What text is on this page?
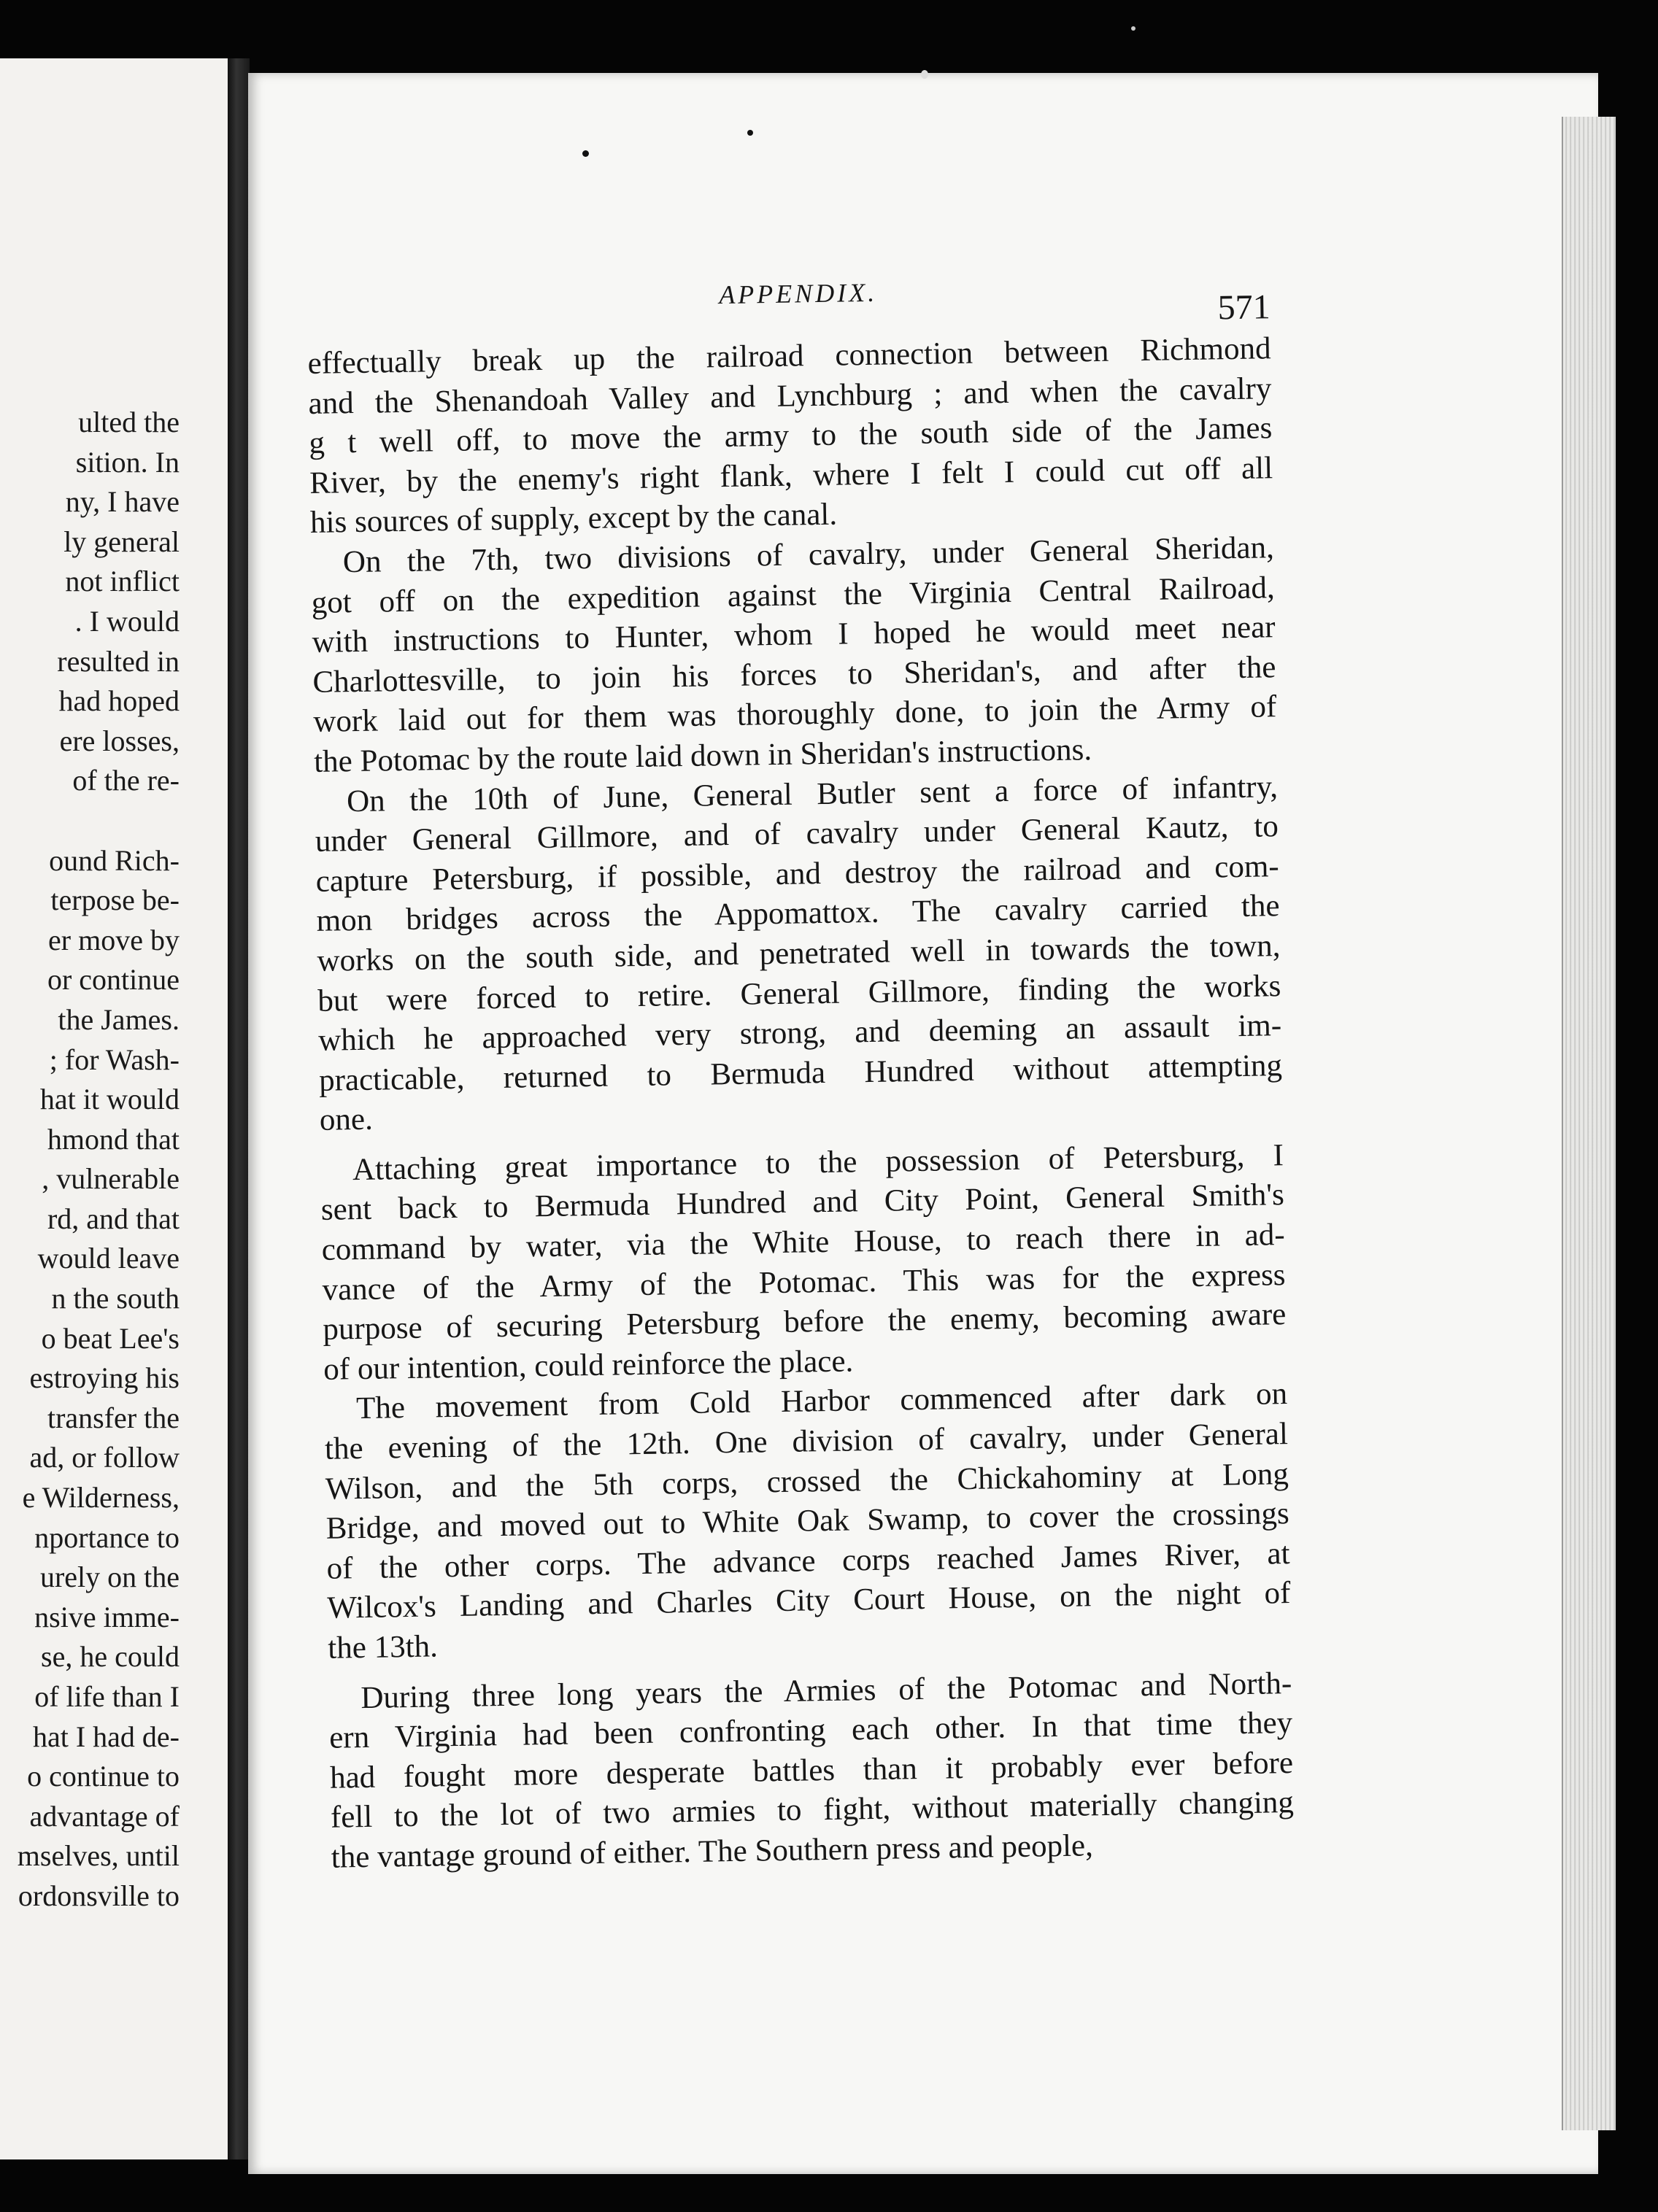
ulted the
sition. In
ny, I have
ly general
not inflict
. I would
resulted in
had hoped
ere losses,
of the re-
ound Rich-
terpose be-
er move by
or continue
the James.
; for Wash-
hat it would
hmond that
, vulnerable
rd, and that
would leave
n the south
o beat Lee's
estroying his
transfer the
ad, or follow
e Wilderness,
nportance to
urely on the
nsive imme-
se, he could
of life than I
hat I had de-
o continue to
advantage of
mselves, until
ordonsville to
APPENDIX.	571
effectually break up the railroad connection between Richmond
and the Shenandoah Valley and Lynchburg ; and when the cavalry
g t well off, to move the army to the south side of the James
River, by the enemy's right flank, where I felt I could cut off all
his sources of supply, except by the canal.
On the 7th, two divisions of cavalry, under General Sheridan,
got off on the expedition against the Virginia Central Railroad,
with instructions to Hunter, whom I hoped he would meet near
Charlottesville, to join his forces to Sheridan's, and after the
work laid out for them was thoroughly done, to join the Army of
the Potomac by the route laid down in Sheridan's instructions.
On the 10th of June, General Butler sent a force of infantry,
under General Gillmore, and of cavalry under General Kautz, to
capture Petersburg, if possible, and destroy the railroad and com-
mon bridges across the Appomattox. The cavalry carried the
works on the south side, and penetrated well in towards the town,
but were forced to retire. General Gillmore, finding the works
which he approached very strong, and deeming an assault im-
practicable, returned to Bermuda Hundred without attempting
one.
Attaching great importance to the possession of Petersburg, I
sent back to Bermuda Hundred and City Point, General Smith's
command by water, via the White House, to reach there in ad-
vance of the Army of the Potomac. This was for the express
purpose of securing Petersburg before the enemy, becoming aware
of our intention, could reinforce the place.
The movement from Cold Harbor commenced after dark on
the evening of the 12th. One division of cavalry, under General
Wilson, and the 5th corps, crossed the Chickahominy at Long
Bridge, and moved out to White Oak Swamp, to cover the crossings
of the other corps. The advance corps reached James River, at
Wilcox's Landing and Charles City Court House, on the night of
the 13th.
During three long years the Armies of the Potomac and North-
ern Virginia had been confronting each other. In that time they
had fought more desperate battles than it probably ever before
fell to the lot of two armies to fight, without materially changing
the vantage ground of either. The Southern press and people,
